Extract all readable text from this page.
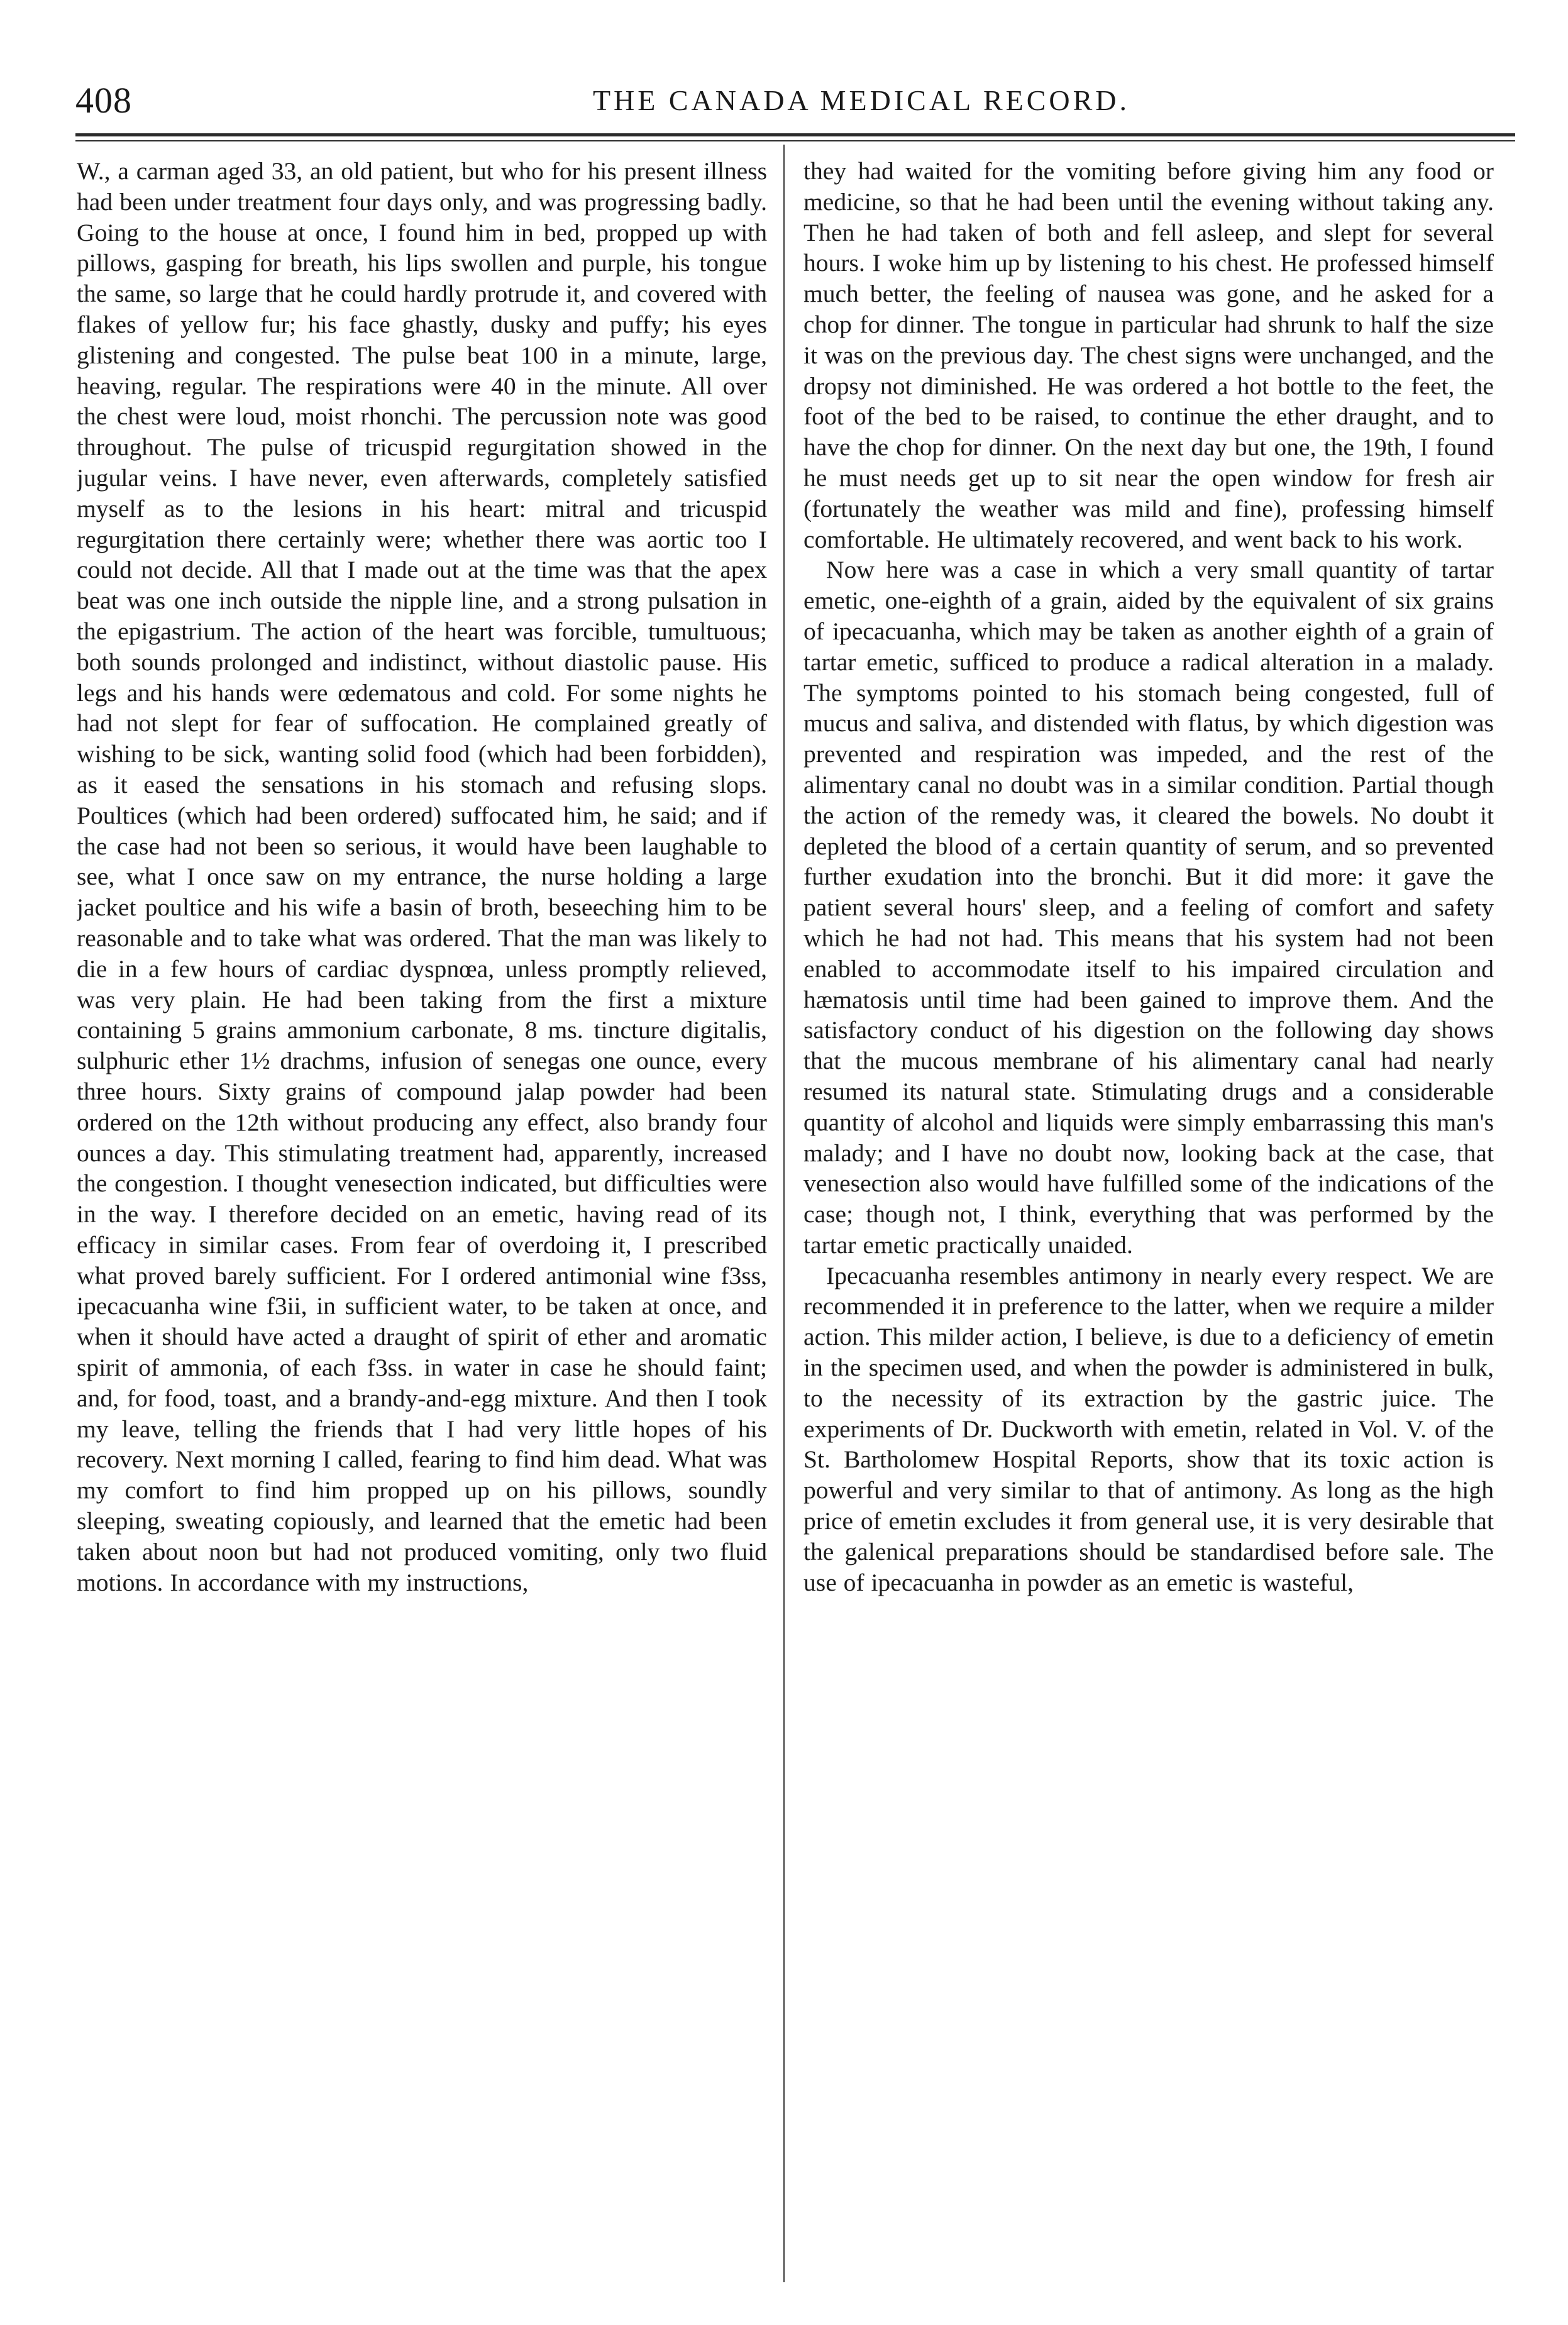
408	THE CANADA MEDICAL RECORD.

W., a carman aged 33, an old patient, but who for his present illness had been under treatment four days only, and was progressing badly. Going to the house at once, I found him in bed, propped up with pillows, gasping for breath, his lips swollen and purple, his tongue the same, so large that he could hardly protrude it, and covered with flakes of yellow fur; his face ghastly, dusky and puffy; his eyes glistening and congested. The pulse beat 100 in a minute, large, heaving, regular. The respirations were 40 in the minute. All over the chest were loud, moist rhonchi. The percussion note was good throughout. The pulse of tricuspid regurgitation showed in the jugular veins. I have never, even afterwards, completely satisfied myself as to the lesions in his heart: mitral and tricuspid regurgitation there certainly were; whether there was aortic too I could not decide. All that I made out at the time was that the apex beat was one inch outside the nipple line, and a strong pulsation in the epigastrium. The action of the heart was forcible, tumultuous; both sounds prolonged and indistinct, without diastolic pause. His legs and his hands were œdematous and cold. For some nights he had not slept for fear of suffocation. He complained greatly of wishing to be sick, wanting solid food (which had been forbidden), as it eased the sensations in his stomach and refusing slops. Poultices (which had been ordered) suffocated him, he said; and if the case had not been so serious, it would have been laughable to see, what I once saw on my entrance, the nurse holding a large jacket poultice and his wife a basin of broth, beseeching him to be reasonable and to take what was ordered. That the man was likely to die in a few hours of cardiac dyspnœa, unless promptly relieved, was very plain. He had been taking from the first a mixture containing 5 grains ammonium carbonate, 8 ms. tincture digitalis, sulphuric ether 1½ drachms, infusion of senegas one ounce, every three hours. Sixty grains of compound jalap powder had been ordered on the 12th without producing any effect, also brandy four ounces a day. This stimulating treatment had, apparently, increased the congestion. I thought venesection indicated, but difficulties were in the way. I therefore decided on an emetic, having read of its efficacy in similar cases. From fear of overdoing it, I prescribed what proved barely sufficient. For I ordered antimonial wine f3ss, ipecacuanha wine f3ii, in sufficient water, to be taken at once, and when it should have acted a draught of spirit of ether and aromatic spirit of ammonia, of each f3ss. in water in case he should faint; and, for food, toast, and a brandy-and-egg mixture. And then I took my leave, telling the friends that I had very little hopes of his recovery. Next morning I called, fearing to find him dead. What was my comfort to find him propped up on his pillows, soundly sleeping, sweating copiously, and learned that the emetic had been taken about noon but had not produced vomiting, only two fluid motions. In accordance with my instructions,

they had waited for the vomiting before giving him any food or medicine, so that he had been until the evening without taking any. Then he had taken of both and fell asleep, and slept for several hours. I woke him up by listening to his chest. He professed himself much better, the feeling of nausea was gone, and he asked for a chop for dinner. The tongue in particular had shrunk to half the size it was on the previous day. The chest signs were unchanged, and the dropsy not diminished. He was ordered a hot bottle to the feet, the foot of the bed to be raised, to continue the ether draught, and to have the chop for dinner. On the next day but one, the 19th, I found he must needs get up to sit near the open window for fresh air (fortunately the weather was mild and fine), professing himself comfortable. He ultimately recovered, and went back to his work.

Now here was a case in which a very small quantity of tartar emetic, one-eighth of a grain, aided by the equivalent of six grains of ipecacuanha, which may be taken as another eighth of a grain of tartar emetic, sufficed to produce a radical alteration in a malady. The symptoms pointed to his stomach being congested, full of mucus and saliva, and distended with flatus, by which digestion was prevented and respiration was impeded, and the rest of the alimentary canal no doubt was in a similar condition. Partial though the action of the remedy was, it cleared the bowels. No doubt it depleted the blood of a certain quantity of serum, and so prevented further exudation into the bronchi. But it did more: it gave the patient several hours' sleep, and a feeling of comfort and safety which he had not had. This means that his system had not been enabled to accommodate itself to his impaired circulation and hæmatosis until time had been gained to improve them. And the satisfactory conduct of his digestion on the following day shows that the mucous membrane of his alimentary canal had nearly resumed its natural state. Stimulating drugs and a considerable quantity of alcohol and liquids were simply embarrassing this man's malady; and I have no doubt now, looking back at the case, that venesection also would have fulfilled some of the indications of the case; though not, I think, everything that was performed by the tartar emetic practically unaided.

Ipecacuanha resembles antimony in nearly every respect. We are recommended it in preference to the latter, when we require a milder action. This milder action, I believe, is due to a deficiency of emetin in the specimen used, and when the powder is administered in bulk, to the necessity of its extraction by the gastric juice. The experiments of Dr. Duckworth with emetin, related in Vol. V. of the St. Bartholomew Hospital Reports, show that its toxic action is powerful and very similar to that of antimony. As long as the high price of emetin excludes it from general use, it is very desirable that the galenical preparations should be standardised before sale. The use of ipecacuanha in powder as an emetic is wasteful,
